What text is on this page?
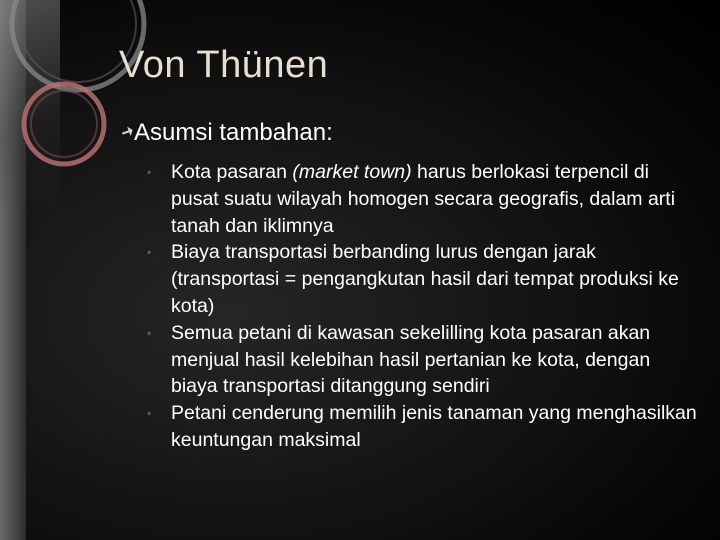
Von Thünen
Asumsi tambahan:
◦ Kota pasaran (market town) harus berlokasi terpencil di pusat suatu wilayah homogen secara geografis, dalam arti tanah dan iklimnya
◦ Biaya transportasi berbanding lurus dengan jarak (transportasi = pengangkutan hasil dari tempat produksi ke kota)
◦ Semua petani di kawasan sekelilling kota pasaran akan menjual hasil kelebihan hasil pertanian ke kota, dengan biaya transportasi ditanggung sendiri
◦ Petani cenderung memilih jenis tanaman yang menghasilkan keuntungan maksimal
